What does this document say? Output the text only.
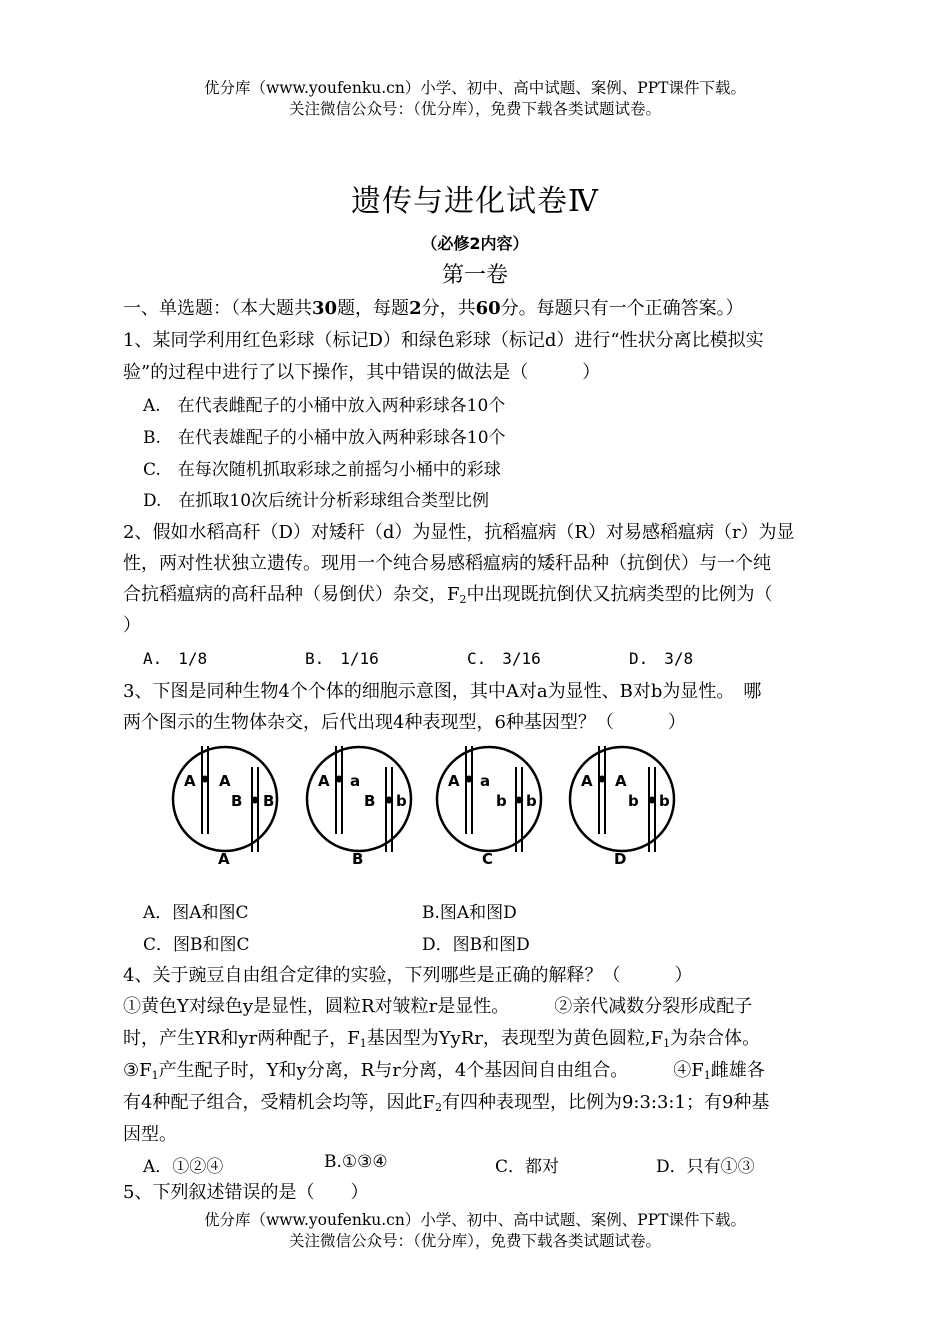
优分库（www.youfenku.cn）小学、初中、高中试题、案例、PPT课件下载。
关注微信公众号：（优分库），免费下载各类试题试卷。
遗传与进化试卷Ⅳ
（必修2内容）
第一卷
一、单选题：（本大题共30题，每题2分，共60分。每题只有一个正确答案。）
1、某同学利用红色彩球（标记D）和绿色彩球（标记d）进行“性状分离比模拟实
验”的过程中进行了以下操作，其中错误的做法是（　　　）
A.　在代表雌配子的小桶中放入两种彩球各10个
B.　在代表雄配子的小桶中放入两种彩球各10个
C.　在每次随机抓取彩球之前摇匀小桶中的彩球
D.　在抓取10次后统计分析彩球组合类型比例
2、假如水稻高秆（D）对矮秆（d）为显性，抗稻瘟病（R）对易感稻瘟病（r）为显
性，两对性状独立遗传。现用一个纯合易感稻瘟病的矮秆品种（抗倒伏）与一个纯
合抗稻瘟病的高秆品种（易倒伏）杂交，$F_2$中出现既抗倒伏又抗病类型的比例为（
）
A.　1/8	B.　1/16	C.　3/16	D.　3/8
3、下图是同种生物4个个体的细胞示意图，其中A对a为显性、B对b为显性。　哪
两个图示的生物体杂交，后代出现4种表现型，6种基因型？（　　　）
A A
B B
A
A a
B b
B
A a
b b
C
A A
b b
D
A．图A和图C	B.图A和图D
C．图B和图C	D．图B和图D
4、关于豌豆自由组合定律的实验，下列哪些是正确的解释？（　　　）
①黄色Y对绿色y是显性，圆粒R对皱粒r是显性。　　　②亲代减数分裂形成配子
时，产生YR和yr两种配子，$F_1$基因型为YyRr，表现型为黄色圆粒$,F_1$为杂合体。
$③F_1$产生配子时，Y和y分离，R与r分离，4个基因间自由组合。　　　$④F_1$雌雄各
有4种配子组合，受精机会均等，因此$F_2$有四种表现型，比例为9:3:3:1；有9种基
因型。
A．①②④	B.①③④	C．都对	D．只有①③
5、下列叙述错误的是（　　）
优分库（www.youfenku.cn）小学、初中、高中试题、案例、PPT课件下载。
关注微信公众号：（优分库），免费下载各类试题试卷。
